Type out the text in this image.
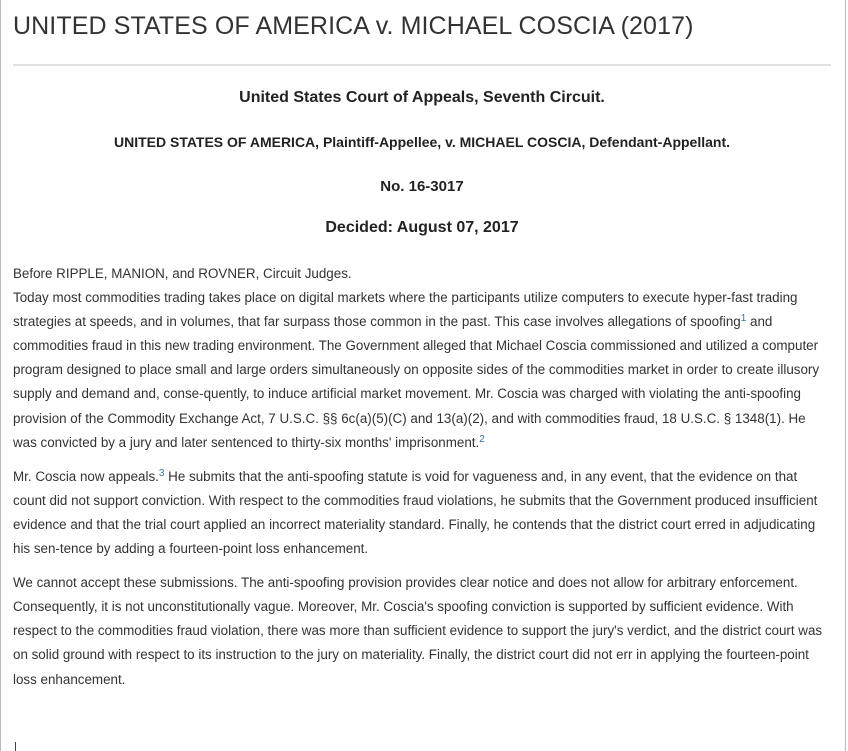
UNITED STATES OF AMERICA v. MICHAEL COSCIA (2017)
United States Court of Appeals, Seventh Circuit.
UNITED STATES OF AMERICA, Plaintiff-Appellee, v. MICHAEL COSCIA, Defendant-Appellant.
No. 16-3017
Decided: August 07, 2017

Before RIPPLE, MANION, and ROVNER, Circuit Judges.
Today most commodities trading takes place on digital markets where the participants utilize computers to execute hyper-fast trading strategies at speeds, and in volumes, that far surpass those common in the past. This case involves allegations of spoofing$^1$ and commodities fraud in this new trading environment. The Government alleged that Michael Coscia commissioned and utilized a computer program designed to place small and large orders simultaneously on opposite sides of the commodities market in order to create illusory supply and demand and, conse-quently, to induce artificial market movement. Mr. Coscia was charged with violating the anti-spoofing provision of the Commodity Exchange Act, 7 U.S.C. §§ 6c(a)(5)(C) and 13(a)(2), and with commodities fraud, 18 U.S.C. § 1348(1). He was convicted by a jury and later sentenced to thirty-six months' imprisonment.$^2$

Mr. Coscia now appeals.$^3$ He submits that the anti-spoofing statute is void for vagueness and, in any event, that the evidence on that count did not support conviction. With respect to the commodities fraud violations, he submits that the Government produced insufficient evidence and that the trial court applied an incorrect materiality standard. Finally, he contends that the district court erred in adjudicating his sen-tence by adding a fourteen-point loss enhancement.

We cannot accept these submissions. The anti-spoofing provision provides clear notice and does not allow for arbitrary enforcement. Consequently, it is not unconstitutionally vague. Moreover, Mr. Coscia's spoofing conviction is supported by sufficient evidence. With respect to the commodities fraud violation, there was more than sufficient evidence to support the jury's verdict, and the district court was on solid ground with respect to its instruction to the jury on materiality. Finally, the district court did not err in applying the fourteen-point loss enhancement.
